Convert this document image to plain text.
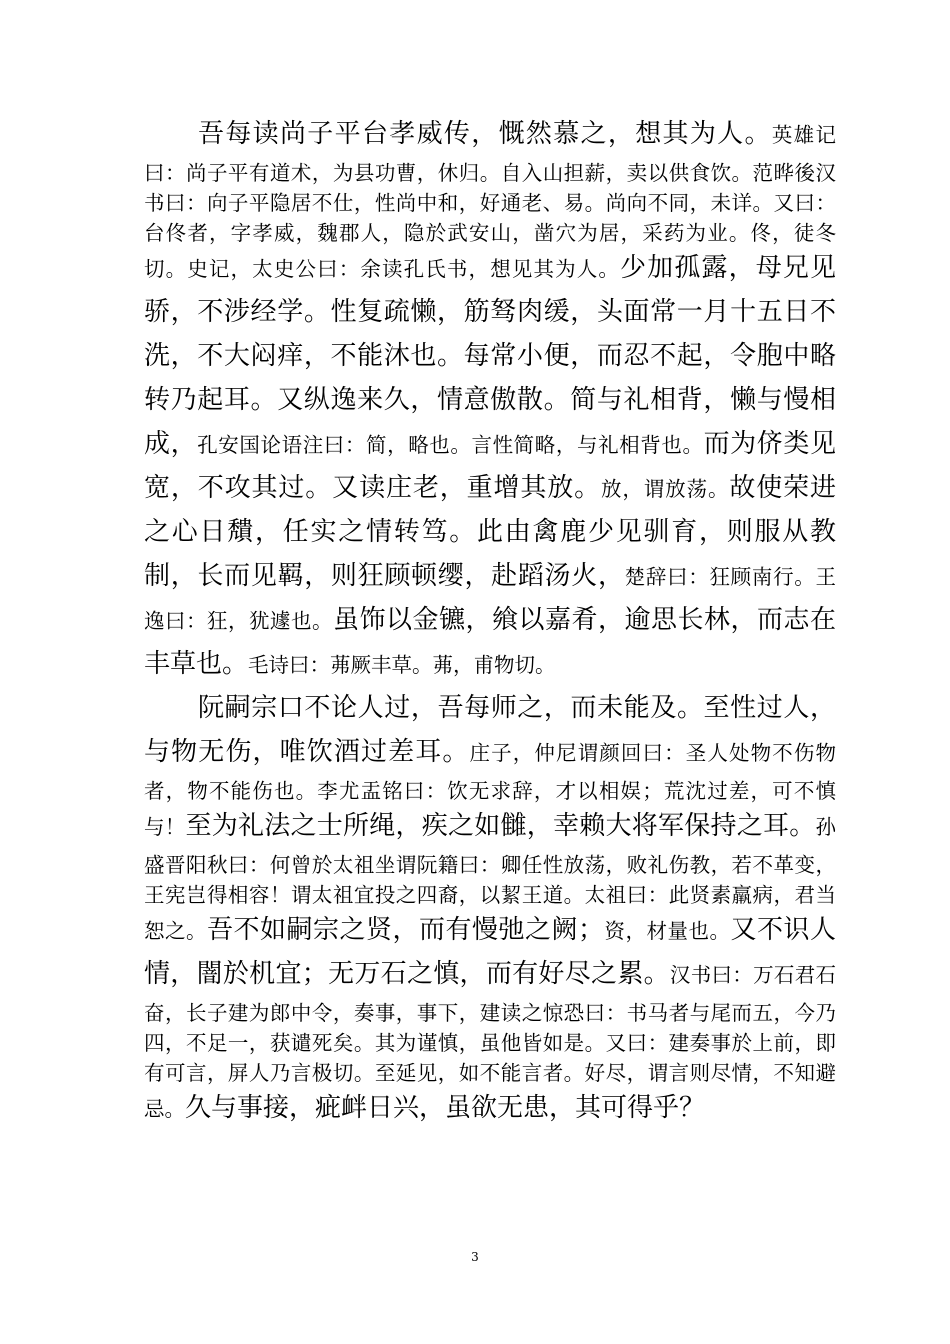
吾每读尚子平台孝威传，慨然慕之，想其为人。英雄记曰：尚子平有道术，为县功曹，休归。自入山担薪，卖以供食饮。范晔後汉书曰：向子平隐居不仕，性尚中和，好通老、易。尚向不同，未详。又曰：台佟者，字孝威，魏郡人，隐於武安山，凿穴为居，采药为业。佟，徒冬切。史记，太史公曰：余读孔氏书，想见其为人。少加孤露，母兄见骄，不涉经学。性复疏懒，筋驽肉缓，头面常一月十五日不洗，不大闷痒，不能沐也。每常小便，而忍不起，令胞中略转乃起耳。又纵逸来久，情意傲散。简与礼相背，懒与慢相成，孔安国论语注曰：简，略也。言性简略，与礼相背也。而为侪类见宽，不攻其过。又读庄老，重增其放。放，谓放荡。故使荣进之心日穨，任实之情转笃。此由禽鹿少见驯育，则服从教制，长而见羁，则狂顾顿缨，赴蹈汤火，楚辞曰：狂顾南行。王逸曰：狂，犹遽也。虽饰以金镳，飨以嘉肴，逾思长林，而志在丰草也。毛诗曰：茀厥丰草。茀，甫物切。

阮嗣宗口不论人过，吾每师之，而未能及。至性过人，与物无伤，唯饮酒过差耳。庄子，仲尼谓颜回曰：圣人处物不伤物者，物不能伤也。李尤盂铭曰：饮无求辞，才以相娱；荒沈过差，可不慎与！至为礼法之士所绳，疾之如雠，幸赖大将军保持之耳。孙盛晋阳秋曰：何曾於太祖坐谓阮籍曰：卿任性放荡，败礼伤教，若不革变，王宪岂得相容！谓太祖宜投之四裔，以絜王道。太祖曰：此贤素羸病，君当恕之。吾不如嗣宗之贤，而有慢弛之阙；资，材量也。又不识人情，闇於机宜；无万石之慎，而有好尽之累。汉书曰：万石君石奋，长子建为郎中令，奏事，事下，建读之惊恐曰：书马者与尾而五，今乃四，不足一，获谴死矣。其为谨慎，虽他皆如是。又曰：建奏事於上前，即有可言，屏人乃言极切。至延见，如不能言者。好尽，谓言则尽情，不知避忌。久与事接，疵衅日兴，虽欲无患，其可得乎？

3
